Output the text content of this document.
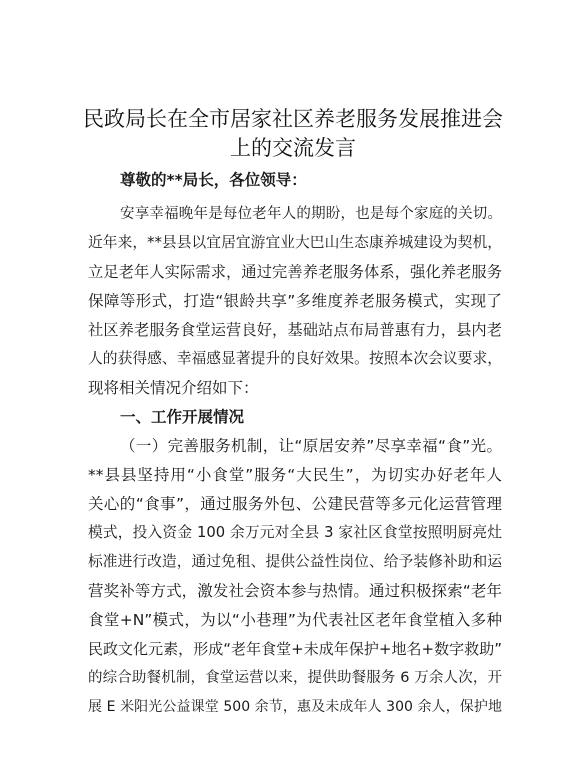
民政局长在全市居家社区养老服务发展推进会
上的交流发言
尊敬的**局长，各位领导：
安享幸福晚年是每位老年人的期盼，也是每个家庭的关切。
近年来，**县县以宜居宜游宜业大巴山生态康养城建设为契机，
立足老年人实际需求，通过完善养老服务体系，强化养老服务
保障等形式，打造“银龄共享”多维度养老服务模式，实现了
社区养老服务食堂运营良好，基础站点布局普惠有力，县内老
人的获得感、幸福感显著提升的良好效果。按照本次会议要求，
现将相关情况介绍如下：
一、工作开展情况
（一）完善服务机制，让“原居安养”尽享幸福“食”光。
**县县坚持用“小食堂”服务“大民生”，为切实办好老年人
关心的“食事”，通过服务外包、公建民营等多元化运营管理
模式，投入资金 100 余万元对全县 3 家社区食堂按照明厨亮灶
标准进行改造，通过免租、提供公益性岗位、给予装修补助和运
营奖补等方式，激发社会资本参与热情。通过积极探索“老年
食堂+N”模式，为以“小巷理”为代表社区老年食堂植入多种
民政文化元素，形成“老年食堂+未成年保护+地名+数字救助”
的综合助餐机制，食堂运营以来，提供助餐服务 6 万余人次，开
展 E 米阳光公益课堂 500 余节，惠及未成年人 300 余人，保护地
